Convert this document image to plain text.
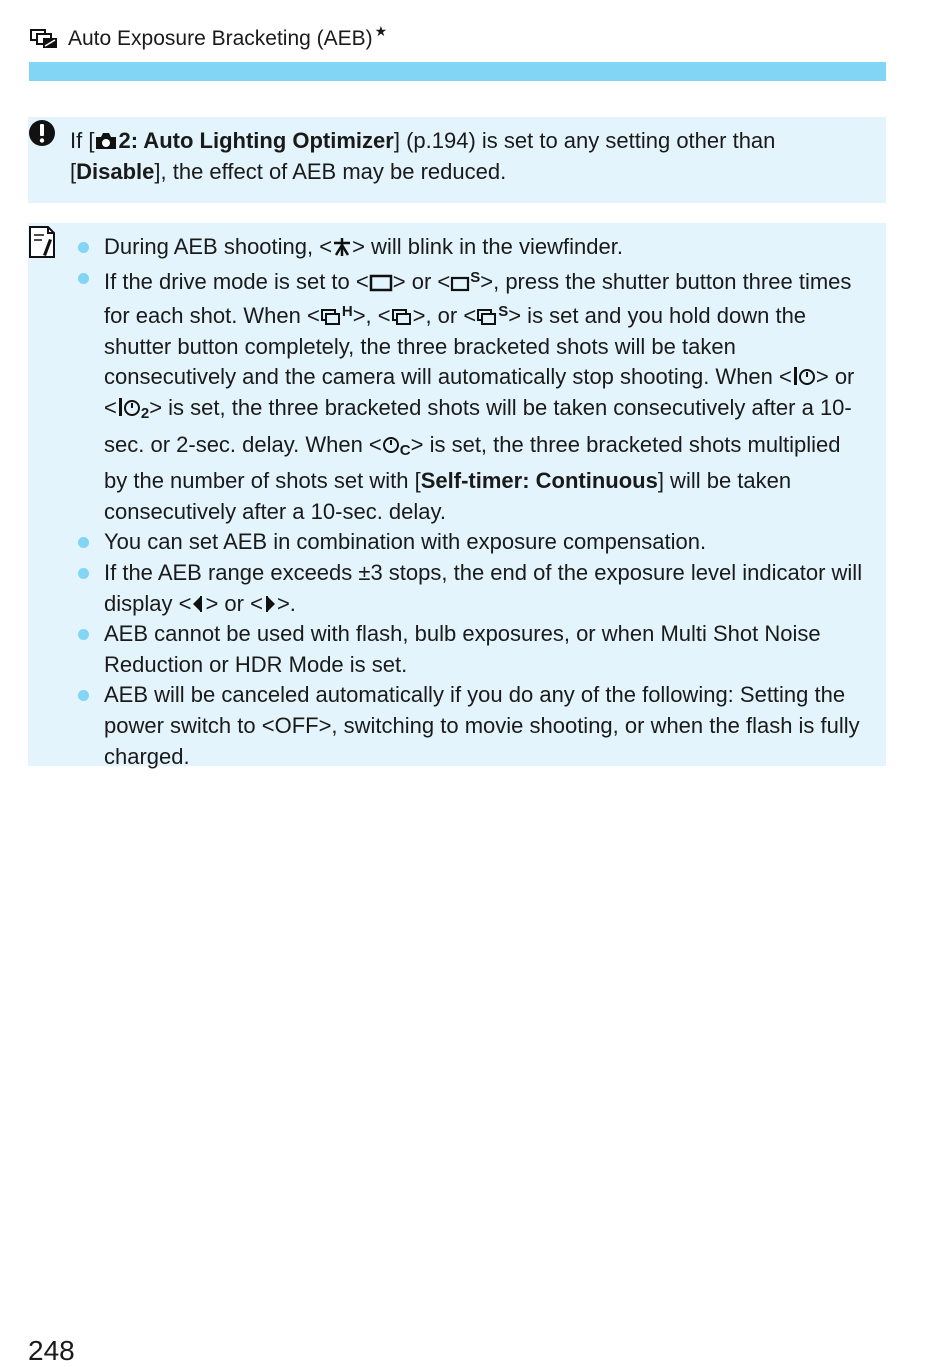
Auto Exposure Bracketing (AEB) ★
If [ 2: Auto Lighting Optimizer] (p.194) is set to any setting other than [Disable], the effect of AEB may be reduced.
During AEB shooting, < > will blink in the viewfinder.
If the drive mode is set to < > or < $^S$>, press the shutter button three times for each shot. When < $^H$>, < >, or < $^S$> is set and you hold down the shutter button completely, the three bracketed shots will be taken consecutively and the camera will automatically stop shooting. When < > or < $_2$> is set, the three bracketed shots will be taken consecutively after a 10-sec. or 2-sec. delay. When < $_C$> is set, the three bracketed shots multiplied by the number of shots set with [Self-timer: Continuous] will be taken consecutively after a 10-sec. delay.
You can set AEB in combination with exposure compensation.
If the AEB range exceeds ±3 stops, the end of the exposure level indicator will display < > or < >.
AEB cannot be used with flash, bulb exposures, or when Multi Shot Noise Reduction or HDR Mode is set.
AEB will be canceled automatically if you do any of the following: Setting the power switch to <OFF>, switching to movie shooting, or when the flash is fully charged.
248
